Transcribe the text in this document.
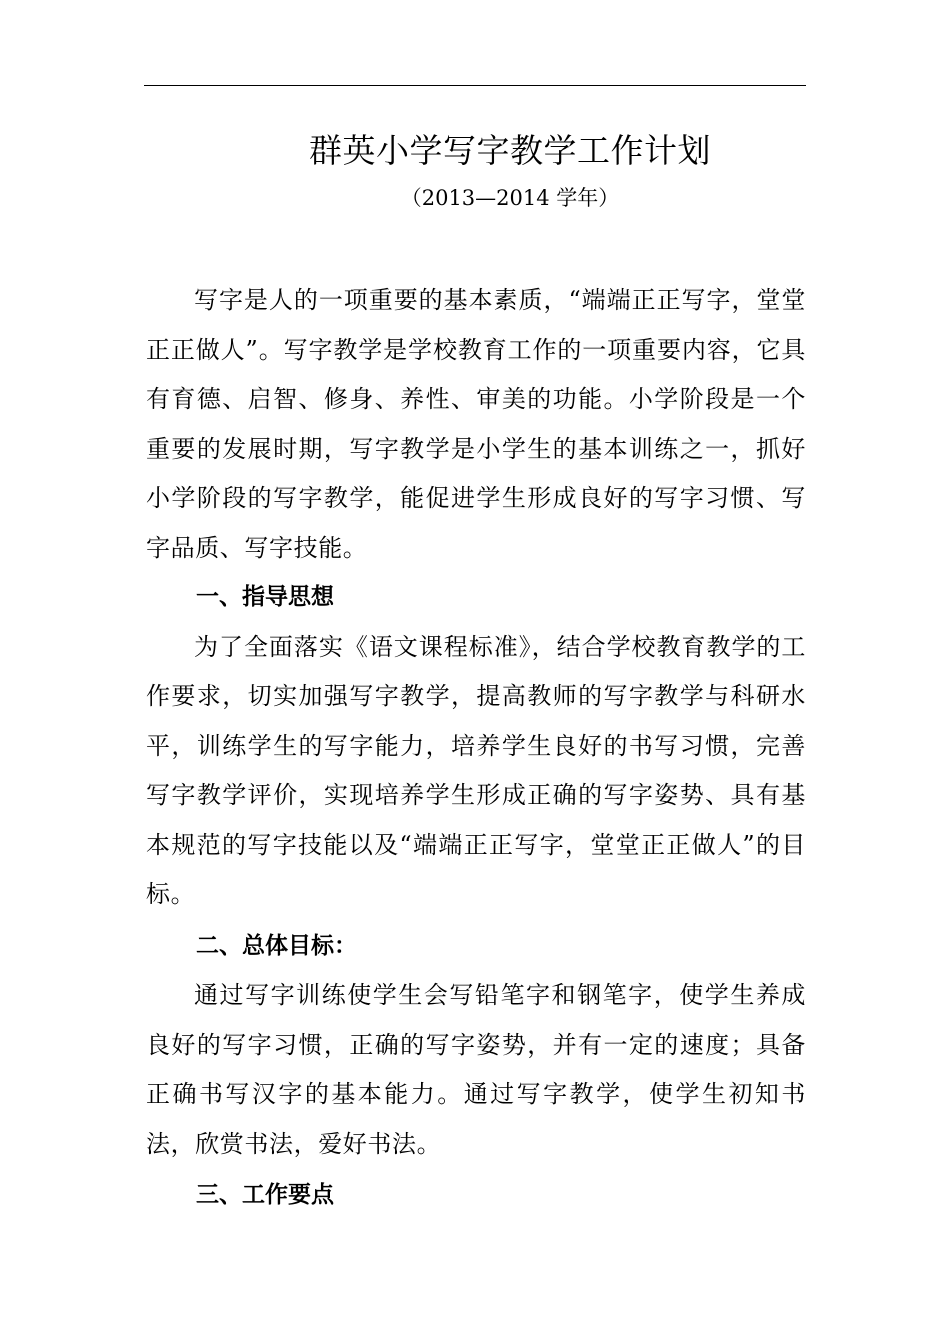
群英小学写字教学工作计划
（2013—2014 学年）

写字是人的一项重要的基本素质，“端端正正写字，堂堂正正做人”。写字教学是学校教育工作的一项重要内容，它具有育德、启智、修身、养性、审美的功能。小学阶段是一个重要的发展时期，写字教学是小学生的基本训练之一，抓好小学阶段的写字教学，能促进学生形成良好的写字习惯、写字品质、写字技能。

一、指导思想

为了全面落实《语文课程标准》，结合学校教育教学的工作要求，切实加强写字教学，提高教师的写字教学与科研水平，训练学生的写字能力，培养学生良好的书写习惯，完善写字教学评价，实现培养学生形成正确的写字姿势、具有基本规范的写字技能以及“端端正正写字，堂堂正正做人”的目标。

二、总体目标：

通过写字训练使学生会写铅笔字和钢笔字，使学生养成良好的写字习惯，正确的写字姿势，并有一定的速度；具备正确书写汉字的基本能力。通过写字教学，使学生初知书法，欣赏书法，爱好书法。

三、工作要点
